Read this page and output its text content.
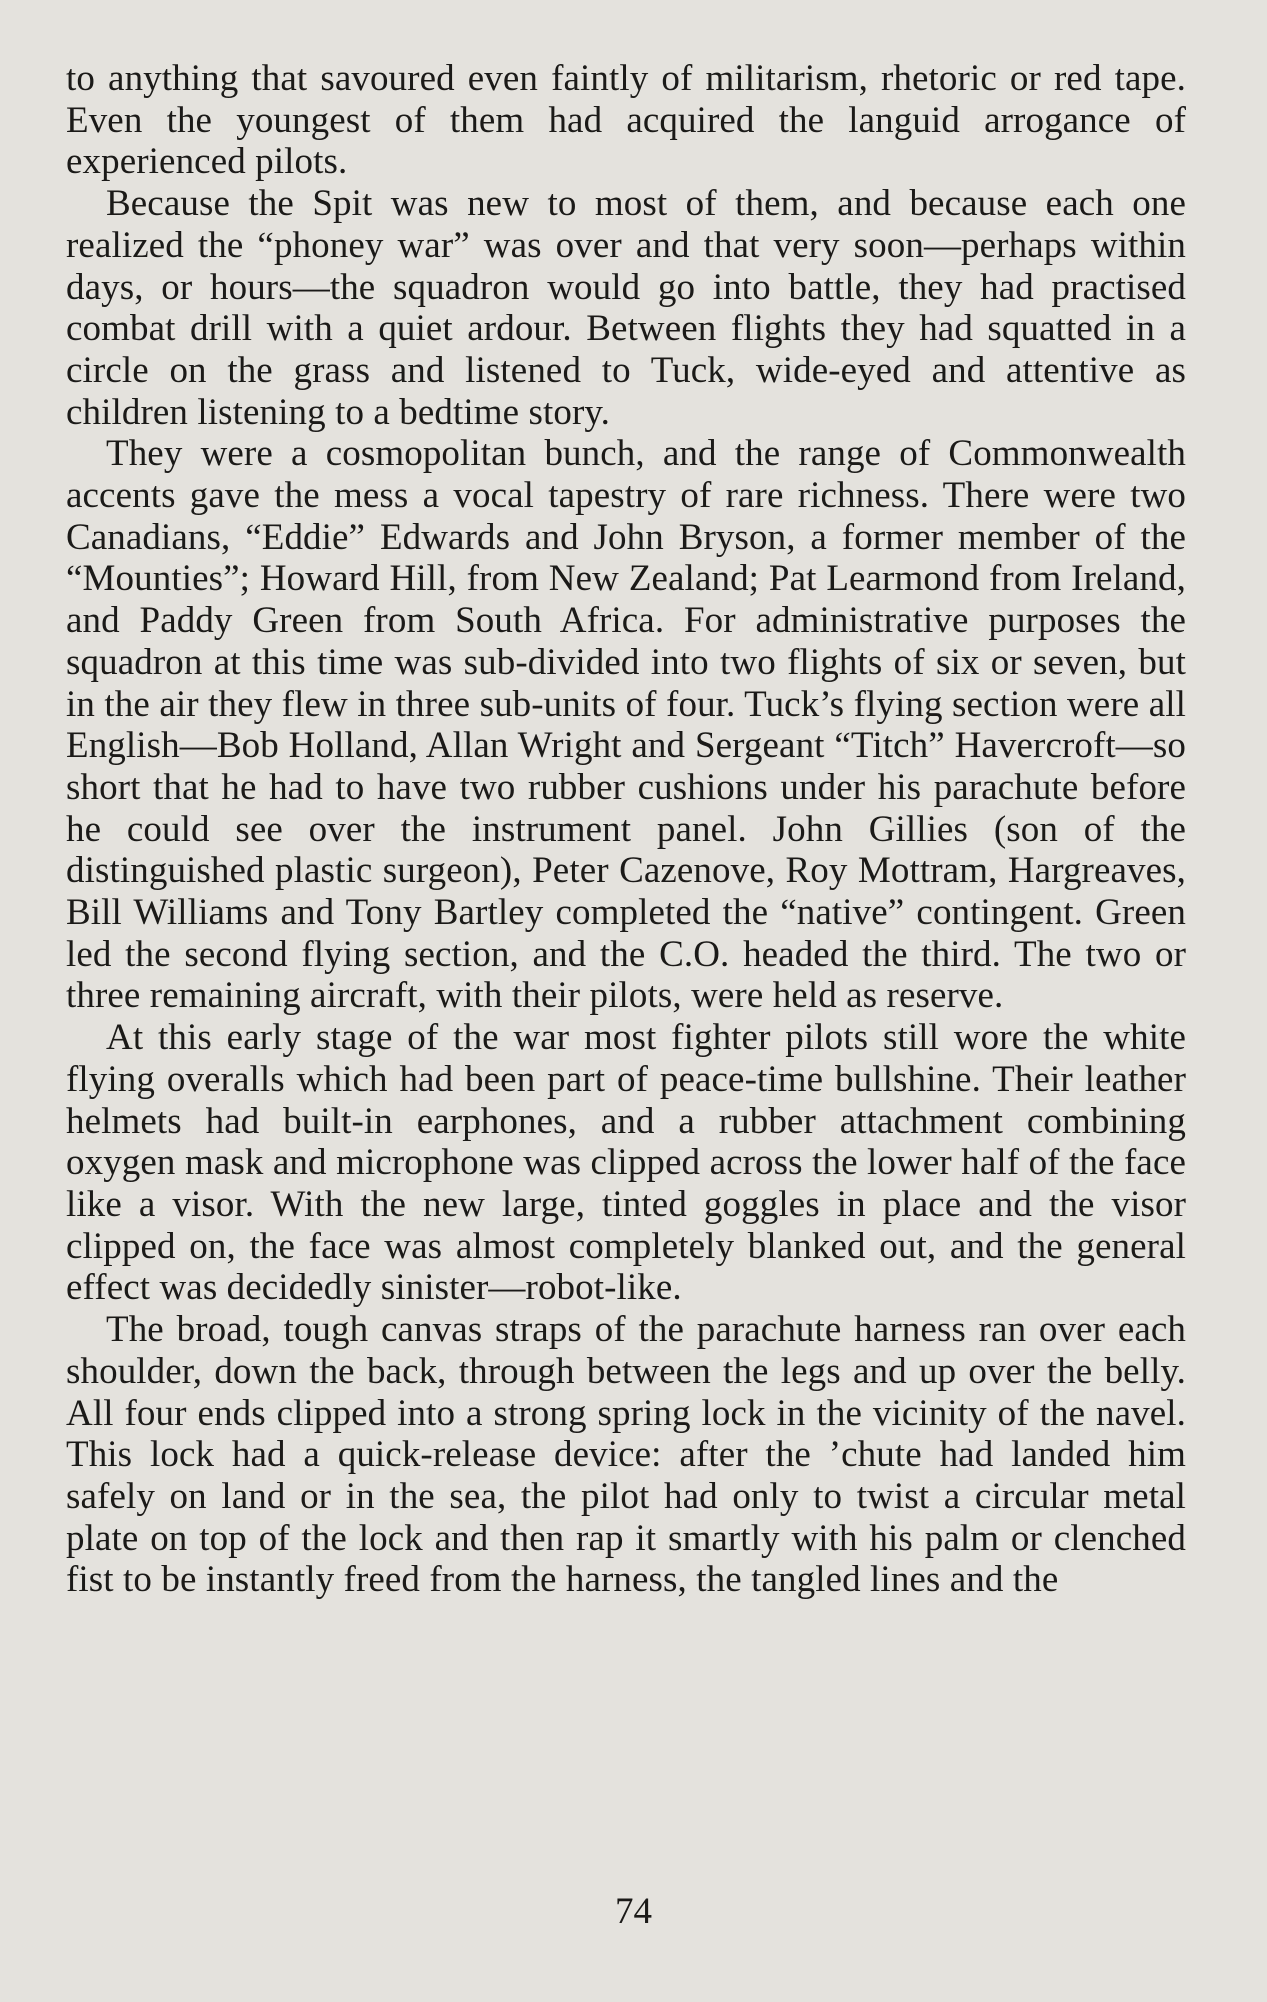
to anything that savoured even faintly of militarism, rhetoric or red tape. Even the youngest of them had acquired the languid arrogance of experienced pilots.

Because the Spit was new to most of them, and because each one realized the “phoney war” was over and that very soon—perhaps within days, or hours—the squadron would go into battle, they had practised combat drill with a quiet ardour. Between flights they had squatted in a circle on the grass and listened to Tuck, wide-eyed and attentive as children listening to a bedtime story.

They were a cosmopolitan bunch, and the range of Commonwealth accents gave the mess a vocal tapestry of rare richness. There were two Canadians, “Eddie” Edwards and John Bryson, a former member of the “Mounties”; Howard Hill, from New Zealand; Pat Learmond from Ireland, and Paddy Green from South Africa. For administrative purposes the squadron at this time was sub-divided into two flights of six or seven, but in the air they flew in three sub-units of four. Tuck’s flying section were all English—Bob Holland, Allan Wright and Sergeant “Titch” Havercroft—so short that he had to have two rubber cushions under his parachute before he could see over the instrument panel. John Gillies (son of the distinguished plastic surgeon), Peter Cazenove, Roy Mottram, Hargreaves, Bill Williams and Tony Bartley completed the “native” contingent. Green led the second flying section, and the C.O. headed the third. The two or three remaining aircraft, with their pilots, were held as reserve.

At this early stage of the war most fighter pilots still wore the white flying overalls which had been part of peace-time bullshine. Their leather helmets had built-in earphones, and a rubber attachment combining oxygen mask and microphone was clipped across the lower half of the face like a visor. With the new large, tinted goggles in place and the visor clipped on, the face was almost completely blanked out, and the general effect was decidedly sinister—robot-like.

The broad, tough canvas straps of the parachute harness ran over each shoulder, down the back, through between the legs and up over the belly. All four ends clipped into a strong spring lock in the vicinity of the navel. This lock had a quick-release device: after the ’chute had landed him safely on land or in the sea, the pilot had only to twist a circular metal plate on top of the lock and then rap it smartly with his palm or clenched fist to be instantly freed from the harness, the tangled lines and the

74
